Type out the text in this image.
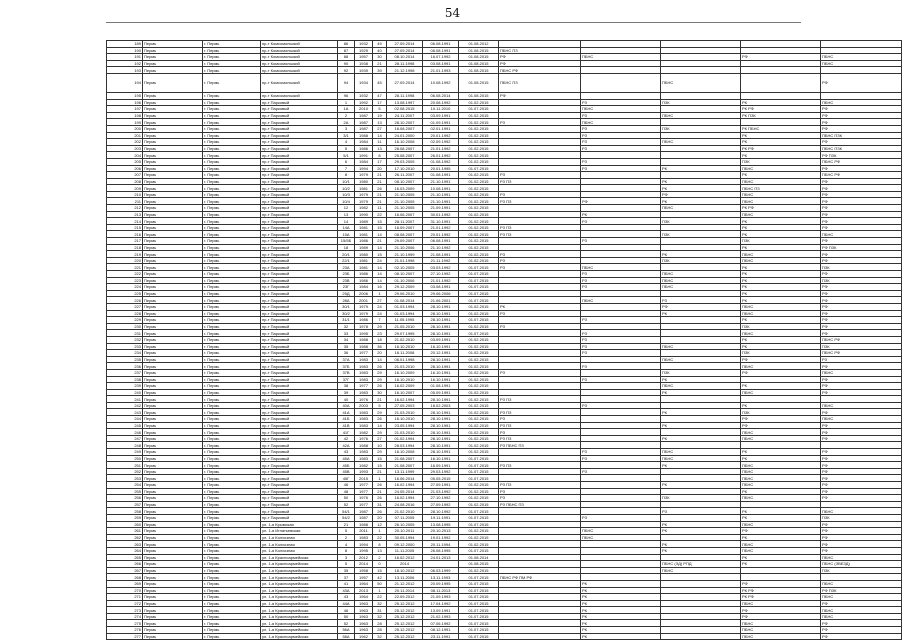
54
189	Пермь	г. Пермь	пр-т Комсомольский	86	1932	49	27.09.2014	06.08.1991	01.08.2012					
190	Пермь	г. Пермь	пр-т Комсомольский	87	1929	40	27.09.2014	06.08.1991	01.08.2015	ПБНС ПЗ				
191	Пермь	г. Пермь	пр-т Комсомольский	88	1957	30	08.10.2014	16.07.1992	01.08.2015	РФ	ПБНС		РФ	ПБНС
192	Пермь	г. Пермь	пр-т Комсомольский	90	1938	21	28.11.1998	03.08.1991	01.08.2015	РФ				ПБНС
193	Пермь	г. Пермь	пр-т Комсомольский	92	1939	39	21.12.1998	21.01.1993	01.08.2015	ПБНС РФ				
194	Пермь	г. Пермь	пр-т Комсомольский	94	1934	45	27.09.2014	10.08.1992	01.08.2015	ПБНС ПЗ		ПБНС		РФ
195	Пермь	г. Пермь	пр-т Комсомольский	96	1932	47	28.11.1998	06.08.2014	01.08.2015	РФ				
196	Пермь	г. Пермь	пр-т Парковый	1	1992	17	13.08.1997	20.08.1992	01.02.2015		РЗ	ПЗК	РК	ПБНС
197	Пермь	г. Пермь	пр-т Парковый	1А	2010	5	02.08.2015	10.11.2010	01.07.2015		ПБНС		РК РФ	РФ
198	Пермь	г. Пермь	пр-т Парковый	2	1987	19	24.11.2007	03.09.1991	01.02.2015		РЗ	ПБНС	РК ПЗК	РФ
199	Пермь	г. Пермь	пр-т Парковый	2А	1987	13	28.10.2007	01.09.1991	01.02.2015	РЗ	ПБНС			РФ
200	Пермь	г. Пермь	пр-т Парковый	3	1987	27	16.08.2007	02.01.1991	01.02.2015		РЗ	ПЗК	РК ПБНС	РФ
201	Пермь	г. Пермь	пр-т Парковый	3/1	1988	14	24.01.2000	20.01.1992	01.02.2015		РЗ		РК	ПБНС ПЗК
202	Пермь	г. Пермь	пр-т Парковый	4	1984	11	16.10.2008	02.09.1992	01.02.2015		РЗ	ПБНС	РК	РФ
203	Пермь	г. Пермь	пр-т Парковый	5	1986	13	28.08.2007	21.01.1992	01.02.2015		РЗ		РК РФ	ПБНС ПЗК
204	Пермь	г. Пермь	пр-т Парковый	5/1	1991	8	25.08.2007	26.01.1992	01.02.2015				РК	РФ ПЗК
205	Пермь	г. Пермь	пр-т Парковый	6	1984	17	29.03.2005	01.08.1992	01.02.2015		РЗ		ПЗК	ПБНС РФ
206	Пермь	г. Пермь	пр-т Парковый	7	1994	20	17.10.2010	20.01.1995	01.07.2015		РЗ	РК	ПБНС	РФ
207	Пермь	г. Пермь	пр-т Парковый	8	1979	21	26.11.2007	01.08.1991	01.02.2015	РЗ			РК	ПБНС РФ
208	Пермь	г. Пермь	пр-т Парковый	10/1	1980	21	08.10.2007	21.10.1991	01.02.2015	РЗ ПЗ		РК	ПБНС	РФ
209	Пермь	г. Пермь	пр-т Парковый	10/2	1981	26	16.03.2009	10.08.1991	01.02.2015			РК	ПБНС ПЗ	РФ
210	Пермь	г. Пермь	пр-т Парковый	10/3	1979	21	21.10.2005	21.10.1991	01.02.2015	РЗ		РФ	ПБНС	РФ
211	Пермь	г. Пермь	пр-т Парковый	10/4	1979	21	21.10.2005	21.10.1991	01.02.2015	РЗ ПЗ	РФ	РК	ПБНС	РФ
212	Пермь	г. Пермь	пр-т Парковый	12	1982	11	21.10.2005	21.09.1991	01.02.2015			ПБНС	РК РФ	РФ
213	Пермь	г. Пермь	пр-т Парковый	13	1990	22	16.06.2007	30.01.1992	01.02.2015		РК		ПБНС	РФ
214	Пермь	г. Пермь	пр-т Парковый	14	1989	15	28.11.2007	31.10.1991	01.02.2015		РЗ	ПЗК	РК	РФ
215	Пермь	г. Пермь	пр-т Парковый	14А	1981	15	16.09.2007	21.01.1992	01.02.2015	РЗ ПЗ			РК	РФ
216	Пермь	г. Пермь	пр-т Парковый	15А	1981	14	08.08.2007	20.01.1992	01.02.2015	РЗ ПЗ		ПЗК	РК	ПБНС
217	Пермь	г. Пермь	пр-т Парковый	15/5Б	1986	21	29.09.2007	06.08.1991	01.02.2015		РЗ		ПЗК	РФ
218	Пермь	г. Пермь	пр-т Парковый	18	1989	14	21.10.2006	21.10.1992	01.02.2015				РК	РФ ПЗК
219	Пермь	г. Пермь	пр-т Парковый	20/1	1980	15	21.10.1999	21.08.1991	01.02.2015	РЗ		РК	ПБНС	РФ
220	Пермь	г. Пермь	пр-т Парковый	22/1	1981	24	21.01.1998	21.11.1992	01.02.2015	РЗ		ПЗК	ПБНС	РФ
221	Пермь	г. Пермь	пр-т Парковый	23А	1981	14	02.10.2005	03.03.1992	01.07.2015	РЗ	ПБНС		РК	ПЗК
222	Пермь	г. Пермь	пр-т Парковый	23Б	1986	14	08.10.2007	27.10.1992	01.07.2015		РЗ	ПБНС	РК	РФ
223	Пермь	г. Пермь	пр-т Парковый	23В	1986	14	01.10.2006	21.01.1992	01.07.2015		РЗ	ПБНС	РК	ПЗК
224	Пермь	г. Пермь	пр-т Парковый	23Г	1984	16	29.12.2009	03.08.1991	01.07.2015		РЗ	ПБНС	РК	РФ
225	Пермь	г. Пермь	пр-т Парковый	25Д	2006	1	29.06.2010	29.06.2006	01.07.2015				РК	РФ
226	Пермь	г. Пермь	пр-т Парковый	28А	2001	27	01.08.2014	21.06.2001	01.07.2015		ПБНС	РЗ	РК	РФ
227	Пермь	г. Пермь	пр-т Парковый	30/1	1979	24	01.03.1994	28.10.1991	01.02.2015	РК		РФ	ПБНС	РФ
228	Пермь	г. Пермь	пр-т Парковый	30/2	1979	24	01.03.1994	28.10.1991	01.02.2015	РЗ		РК	ПБНС	РФ
229	Пермь	г. Пермь	пр-т Парковый	31/1	1986	7	11.05.1995	28.10.1991	01.07.2015		РЗ		РК	РФ
230	Пермь	г. Пермь	пр-т Парковый	32	1978	29	21.05.2010	28.10.1991	01.02.2015	РЗ			ПЗК	РФ
231	Пермь	г. Пермь	пр-т Парковый	33	1995	23	29.07.1995	28.10.1991	01.07.2015		РЗ		ПБНС	РФ
232	Пермь	г. Пермь	пр-т Парковый	34	1988	18	21.02.2010	03.09.1991	01.02.2015		РЗ		РК	ПБНС РФ
233	Пермь	г. Пермь	пр-т Парковый	35	1988	36	16.10.2010	16.10.1991	01.02.2015		РЗ	ПБНС	РК	ПЗК
234	Пермь	г. Пермь	пр-т Парковый	36	1977	20	16.11.2008	20.12.1991	01.02.2015		РЗ		ПЗК	ПБНС РФ
235	Пермь	г. Пермь	пр-т Парковый	37А	1983	14	06.01.1998	28.10.1991	01.02.2015			ПБНС	РФ	РЗ
236	Пермь	г. Пермь	пр-т Парковый	37Б	1983	26	21.03.2010	28.10.1991	01.02.2015		РЗ		ПБНС	РФ
237	Пермь	г. Пермь	пр-т Парковый	37В	1983	29	16.10.2009	16.10.1991	01.02.2015	РЗ		ПЗК	РФ	ПБНС
238	Пермь	г. Пермь	пр-т Парковый	37Г	1983	29	16.10.2010	16.10.1991	01.02.2015		РЗ	РК		РФ
239	Пермь	г. Пермь	пр-т Парковый	38	1977	26	16.02.2009	01.08.1991	01.02.2015			ПБНС	РК	РФ
240	Пермь	г. Пермь	пр-т Парковый	39	1983	30	16.10.2007	05.09.1991	01.02.2015			РК	ПБНС	РФ
241	Пермь	г. Пермь	пр-т Парковый	40	1976	21	16.02.1994	28.10.1991	01.02.2015	РЗ ПЗ				
242	Пермь	г. Пермь	пр-т Парковый	40А	2003	5	27.05.2003	18.02.2003	01.02.2015		РЗ		РК	ПБНС
243	Пермь	г. Пермь	пр-т Парковый	41А	1983	29	21.03.2010	28.10.1991	01.02.2015	РЗ ПЗ		РК	ПЗК	РФ
244	Пермь	г. Пермь	пр-т Парковый	41Б	1983	26	16.10.2010	28.10.1991	01.02.2015	РЗ			РФ	ПБНС
245	Пермь	г. Пермь	пр-т Парковый	41В	1983	14	23.05.1994	28.10.1991	01.02.2015	РЗ ПЗ		РК	РФ	РФ
246	Пермь	г. Пермь	пр-т Парковый	41Г	1982	29	21.03.2010	28.10.1991	01.02.2015	РЗ			ПБНС	РФ
247	Пермь	г. Пермь	пр-т Парковый	42	1976	27	01.02.1994	28.10.1991	01.02.2015	РЗ ПЗ		РК	ПБНС	РФ
248	Пермь	г. Пермь	пр-т Парковый	42А	1988	10	28.03.1994	28.10.1991	01.02.2015	РЗ ПБНС ПЗ				
249	Пермь	г. Пермь	пр-т Парковый	43	1983	29	16.10.2008	28.10.1991	01.02.2015		РЗ	ПБНС	РК	РФ
250	Пермь	г. Пермь	пр-т Парковый	45А	1983	15	21.08.2007	16.10.1991	01.07.2015		РЗ	ПБНС	РК	РФ
251	Пермь	г. Пермь	пр-т Парковый	45Б	1982	15	21.08.2007	16.09.1991	01.07.2015	РЗ ПЗ		РК	ПБНС	РФ
252	Пермь	г. Пермь	пр-т Парковый	45В	1993	21	13.11.1999	29.03.1992	01.07.2015		РЗ		ПБНС	РФ
253	Пермь	г. Пермь	пр-т Парковый	45Г	2015	1	16.06.2014	05.05.2015	01.07.2015				ПБНС	РФ
254	Пермь	г. Пермь	пр-т Парковый	46	1977	26	16.02.1994	27.09.1991	01.02.2015	РЗ ПЗ		РК	ПБНС	РФ
255	Пермь	г. Пермь	пр-т Парковый	48	1977	21	24.05.2014	21.03.1992	01.02.2015	РЗ			РК	РФ
256	Пермь	г. Пермь	пр-т Парковый	50	1976	26	16.02.1994	27.10.1992	01.02.2015	РЗ		ПЗК	ПБНС	РФ
257	Пермь	г. Пермь	пр-т Парковый	52	1977	31	24.08.2016	27.09.1992	01.02.2015	РЗ ПБНС ПЗ				
258	Пермь	г. Пермь	пр-т Парковый	54/1	1987	26	21.02.2010	28.10.1992	01.07.2015			РЗ	РК	ПБНС
259	Пермь	г. Пермь	пр-т Парковый	54/2	1987	20	07.11.2005	19.11.1991	01.07.2015		РЗ		РК	ПЗК
260	Пермь	г. Пермь	ул. 1-я Крымская	21	1988	12	26.10.2005	13.08.1995	01.07.2015			РК	ПБНС	РФ
261	Пермь	г. Пермь	ул. 1-я Игнатьевская	5	2011	1	20.10.2011	20.10.2013	01.02.2015		ПБНС	РК	РФ	РФ
262	Пермь	г. Пермь	ул. 1-я Колхозная	2	1983	22	30.05.1994	19.01.1992	01.02.2015		ПБНС		РК	РФ
263	Пермь	г. Пермь	ул. 1-я Колхозная	4	1994	8	09.12.2000	20.11.1994	01.02.2015			РК	ПБНС	РФ
264	Пермь	г. Пермь	ул. 1-я Колхозная	8	1995	13	11.11.2005	26.08.1995	01.07.2015			РК	ПБНС	РФ
265	Пермь	г. Пермь	ул. 1-я Красноармейская	3	2012	2	16.02.2012	24.01.2013	01.08.2014				РК	ПБНС
266	Пермь	г. Пермь	ул. 1-я Красноармейская	5	2014	0	2014		01.08.2015			ПБНС (ЗД) РПД	РК	ПБНС (ЗВЕЗД)
267	Пермь	г. Пермь	ул. 1-я Красноармейская	35	1958	15	18.10.2012	06.03.1999	01.02.2015			ПБНС		ПЗК
268	Пермь	г. Пермь	ул. 1-я Красноармейская	37	1957	42	13.11.2006	13.11.1993	01.07.2015	ПБНС РФ ПМ РФ				
269	Пермь	г. Пермь	ул. 1-я Красноармейская	41	1964	50	21.12.2012	20.09.1995	01.07.2015		РК		РФ	ПБНС
270	Пермь	г. Пермь	ул. 1-я Красноармейская	43А	2013	1	20.11.2014	08.11.2013	01.07.2015		РК		РК РФ	РФ ПЗК
271	Пермь	г. Пермь	ул. 1-я Красноармейская	43	1964	22	22.09.2012	21.09.1993	01.07.2015		РК		РК РФ	ПБНС
272	Пермь	г. Пермь	ул. 1-я Красноармейская	44А	1963	32	25.12.2012	17.04.1992	01.07.2015		РК		ПБНС	РФ
273	Пермь	г. Пермь	ул. 1-я Красноармейская	46	1963	31	25.12.2012	13.09.1991	01.07.2015		РК		РФ	ПБНС
274	Пермь	г. Пермь	ул. 1-я Красноармейская	50	1963	32	25.12.2012	21.02.1993	01.07.2015		РК		РФ	ПБНС
275	Пермь	г. Пермь	ул. 1-я Красноармейская	52	1963	28	25.12.2012	07.06.1992	01.07.2015		РК		ПБНС	РФ
276	Пермь	г. Пермь	ул. 1-я Красноармейская	56А	1963	28	25.12.2012	08.12.1991	01.07.2015		РК		ПБНС	РФ
277	Пермь	г. Пермь	ул. 1-я Красноармейская	58А	1962	32	25.12.2012	23.11.1991	01.07.2015		РК		ПБНС	РФ
